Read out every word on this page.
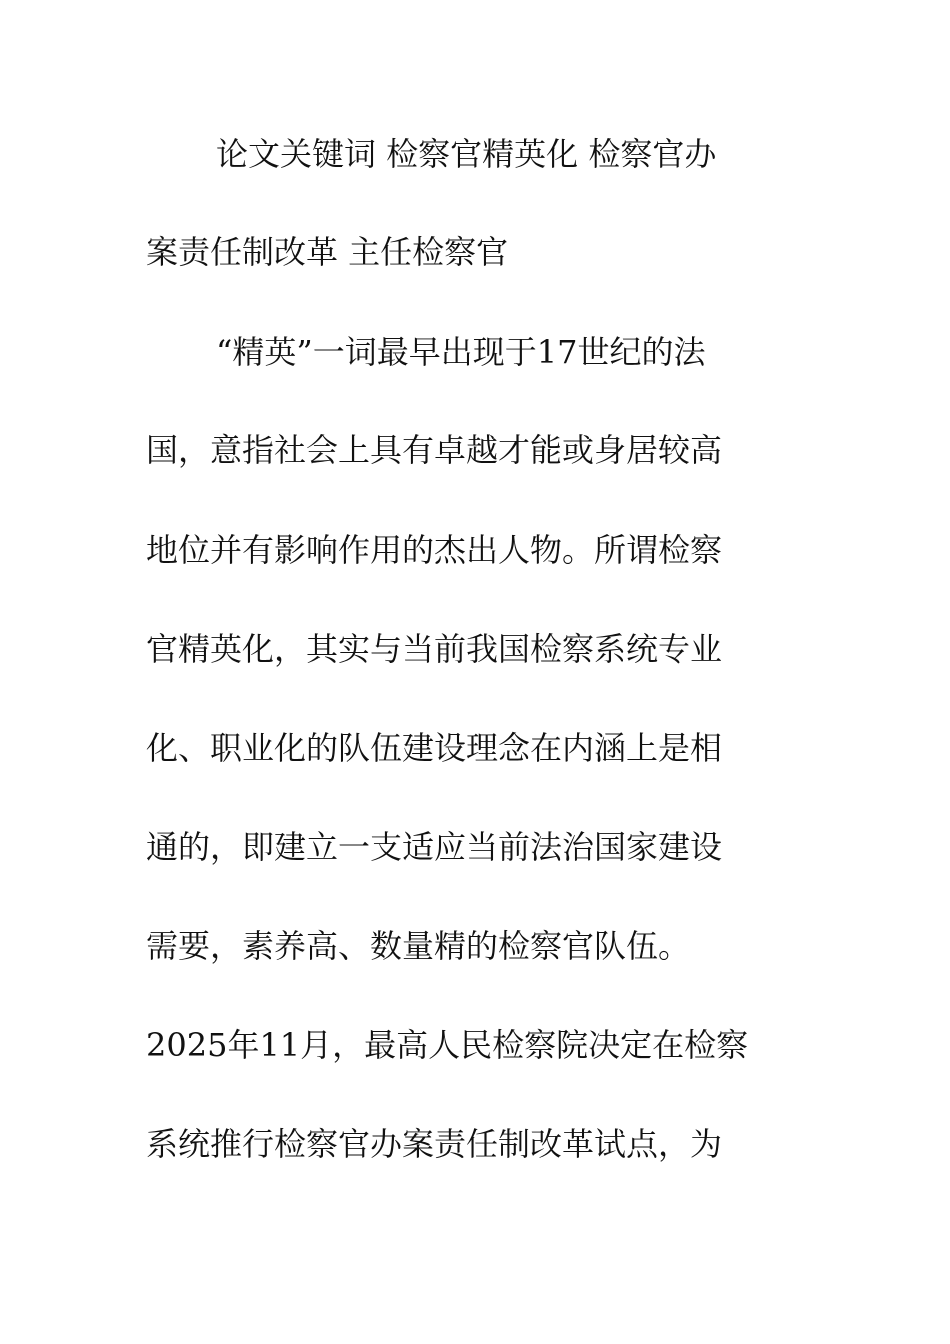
论文关键词 检察官精英化 检察官办
案责任制改革 主任检察官
“精英”一词最早出现于17世纪的法
国，意指社会上具有卓越才能或身居较高
地位并有影响作用的杰出人物。所谓检察
官精英化，其实与当前我国检察系统专业
化、职业化的队伍建设理念在内涵上是相
通的，即建立一支适应当前法治国家建设
需要，素养高、数量精的检察官队伍。
2025年11月，最高人民检察院决定在检察
系统推行检察官办案责任制改革试点，为
